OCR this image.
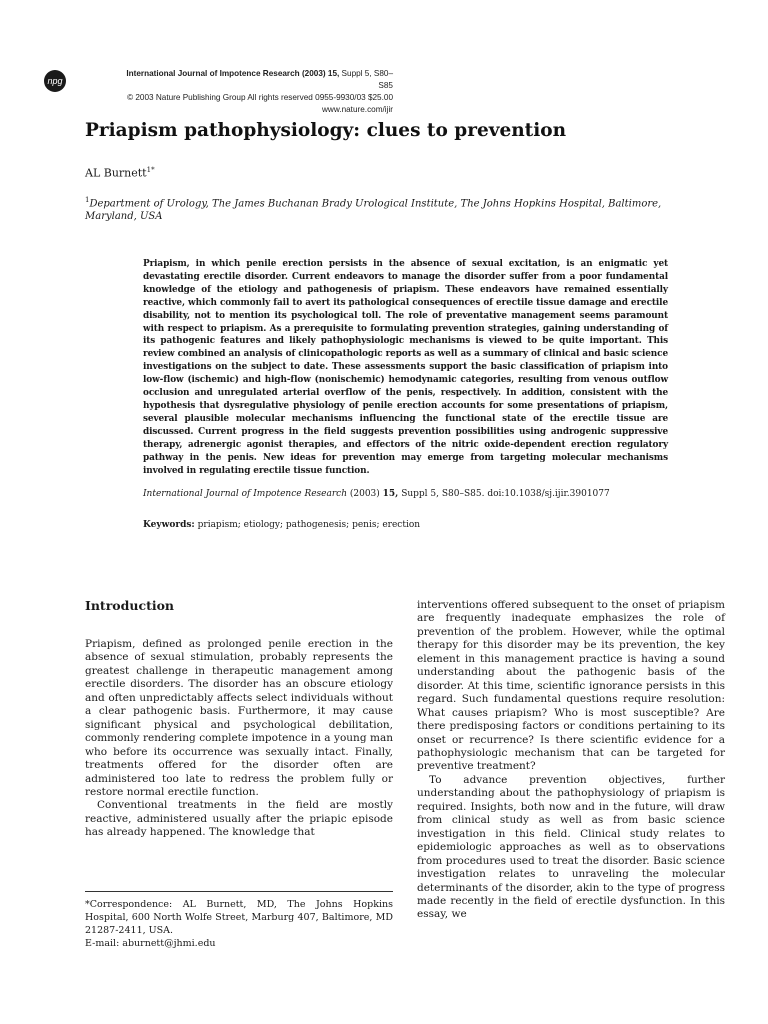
npg
International Journal of Impotence Research (2003) 15, Suppl 5, S80–S85
© 2003 Nature Publishing Group All rights reserved 0955-9930/03 $25.00
www.nature.com/ijir
Priapism pathophysiology: clues to prevention
AL Burnett$^{1*}$
$^1$Department of Urology, The James Buchanan Brady Urological Institute, The Johns Hopkins Hospital, Baltimore, Maryland, USA
Priapism, in which penile erection persists in the absence of sexual excitation, is an enigmatic yet devastating erectile disorder. Current endeavors to manage the disorder suffer from a poor fundamental knowledge of the etiology and pathogenesis of priapism. These endeavors have remained essentially reactive, which commonly fail to avert its pathological consequences of erectile tissue damage and erectile disability, not to mention its psychological toll. The role of preventative management seems paramount with respect to priapism. As a prerequisite to formulating prevention strategies, gaining understanding of its pathogenic features and likely pathophysiologic mechanisms is viewed to be quite important. This review combined an analysis of clinicopathologic reports as well as a summary of clinical and basic science investigations on the subject to date. These assessments support the basic classification of priapism into low-flow (ischemic) and high-flow (nonischemic) hemodynamic categories, resulting from venous outflow occlusion and unregulated arterial overflow of the penis, respectively. In addition, consistent with the hypothesis that dysregulative physiology of penile erection accounts for some presentations of priapism, several plausible molecular mechanisms influencing the functional state of the erectile tissue are discussed. Current progress in the field suggests prevention possibilities using androgenic suppressive therapy, adrenergic agonist therapies, and effectors of the nitric oxide-dependent erection regulatory pathway in the penis. New ideas for prevention may emerge from targeting molecular mechanisms involved in regulating erectile tissue function.
International Journal of Impotence Research (2003) 15, Suppl 5, S80–S85. doi:10.1038/sj.ijir.3901077
Keywords: priapism; etiology; pathogenesis; penis; erection
Introduction

Priapism, defined as prolonged penile erection in the absence of sexual stimulation, probably represents the greatest challenge in therapeutic management among erectile disorders. The disorder has an obscure etiology and often unpredictably affects select individuals without a clear pathogenic basis. Furthermore, it may cause significant physical and psychological debilitation, commonly rendering complete impotence in a young man who before its occurrence was sexually intact. Finally, treatments offered for the disorder often are administered too late to redress the problem fully or restore normal erectile function.

Conventional treatments in the field are mostly reactive, administered usually after the priapic episode has already happened. The knowledge that

interventions offered subsequent to the onset of priapism are frequently inadequate emphasizes the role of prevention of the problem. However, while the optimal therapy for this disorder may be its prevention, the key element in this management practice is having a sound understanding about the pathogenic basis of the disorder. At this time, scientific ignorance persists in this regard. Such fundamental questions require resolution: What causes priapism? Who is most susceptible? Are there predisposing factors or conditions pertaining to its onset or recurrence? Is there scientific evidence for a pathophysiologic mechanism that can be targeted for preventive treatment?

To advance prevention objectives, further understanding about the pathophysiology of priapism is required. Insights, both now and in the future, will draw from clinical study as well as from basic science investigation in this field. Clinical study relates to epidemiologic approaches as well as to observations from procedures used to treat the disorder. Basic science investigation relates to unraveling the molecular determinants of the disorder, akin to the type of progress made recently in the field of erectile dysfunction. In this essay, we

*Correspondence: AL Burnett, MD, The Johns Hopkins Hospital, 600 North Wolfe Street, Marburg 407, Baltimore, MD 21287-2411, USA.
E-mail: aburnett@jhmi.edu
